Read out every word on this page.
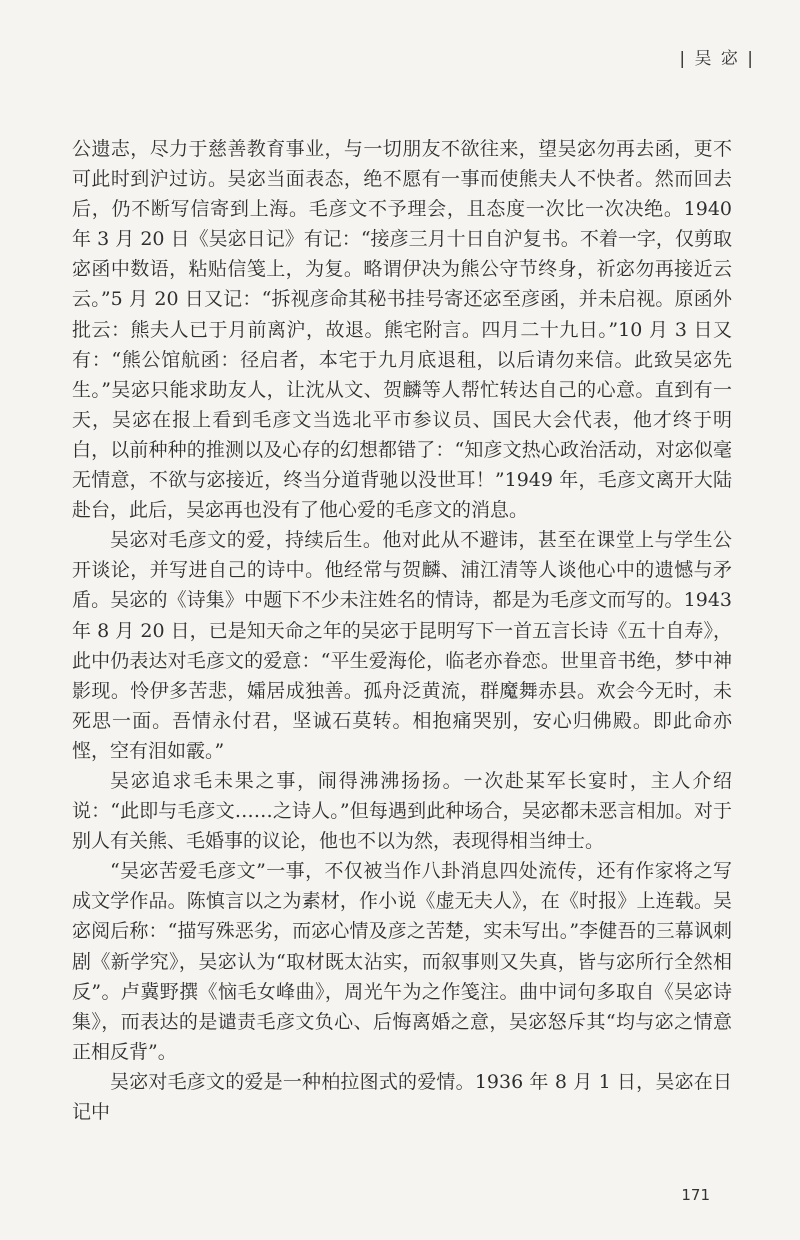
| 吴 宓 |

公遗志，尽力于慈善教育事业，与一切朋友不欲往来，望吴宓勿再去函，更不可此时到沪过访。吴宓当面表态，绝不愿有一事而使熊夫人不快者。然而回去后，仍不断写信寄到上海。毛彦文不予理会，且态度一次比一次决绝。1940 年 3 月 20 日《吴宓日记》有记：“接彦三月十日自沪复书。不着一字，仅剪取宓函中数语，粘贴信笺上，为复。略谓伊决为熊公守节终身，祈宓勿再接近云云。”5 月 20 日又记：“拆视彦命其秘书挂号寄还宓至彦函，并未启视。原函外批云：熊夫人已于月前离沪，故退。熊宅附言。四月二十九日。”10 月 3 日又有：“熊公馆航函：径启者，本宅于九月底退租，以后请勿来信。此致吴宓先生。”吴宓只能求助友人，让沈从文、贺麟等人帮忙转达自己的心意。直到有一天，吴宓在报上看到毛彦文当选北平市参议员、国民大会代表，他才终于明白，以前种种的推测以及心存的幻想都错了：“知彦文热心政治活动，对宓似毫无情意，不欲与宓接近，终当分道背驰以没世耳！”1949 年，毛彦文离开大陆赴台，此后，吴宓再也没有了他心爱的毛彦文的消息。

吴宓对毛彦文的爱，持续后生。他对此从不避讳，甚至在课堂上与学生公开谈论，并写进自己的诗中。他经常与贺麟、浦江清等人谈他心中的遗憾与矛盾。吴宓的《诗集》中题下不少未注姓名的情诗，都是为毛彦文而写的。1943 年 8 月 20 日，已是知天命之年的吴宓于昆明写下一首五言长诗《五十自寿》，此中仍表达对毛彦文的爱意：“平生爱海伦，临老亦眷恋。世里音书绝，梦中神影现。怜伊多苦悲，孀居成独善。孤舟泛黄流，群魔舞赤县。欢会今无时，未死思一面。吾情永付君，坚诚石莫转。相抱痛哭别，安心归佛殿。即此命亦悭，空有泪如霰。”

吴宓追求毛未果之事，闹得沸沸扬扬。一次赴某军长宴时，主人介绍说：“此即与毛彦文……之诗人。”但每遇到此种场合，吴宓都未恶言相加。对于别人有关熊、毛婚事的议论，他也不以为然，表现得相当绅士。

“吴宓苦爱毛彦文”一事，不仅被当作八卦消息四处流传，还有作家将之写成文学作品。陈慎言以之为素材，作小说《虚无夫人》，在《时报》上连载。吴宓阅后称：“描写殊恶劣，而宓心情及彦之苦楚，实未写出。”李健吾的三幕讽刺剧《新学究》，吴宓认为“取材既太沾实，而叙事则又失真，皆与宓所行全然相反”。卢冀野撰《恼毛女峰曲》，周光午为之作笺注。曲中词句多取自《吴宓诗集》，而表达的是谴责毛彦文负心、后悔离婚之意，吴宓怒斥其“均与宓之情意正相反背”。

吴宓对毛彦文的爱是一种柏拉图式的爱情。1936 年 8 月 1 日，吴宓在日记中

171
